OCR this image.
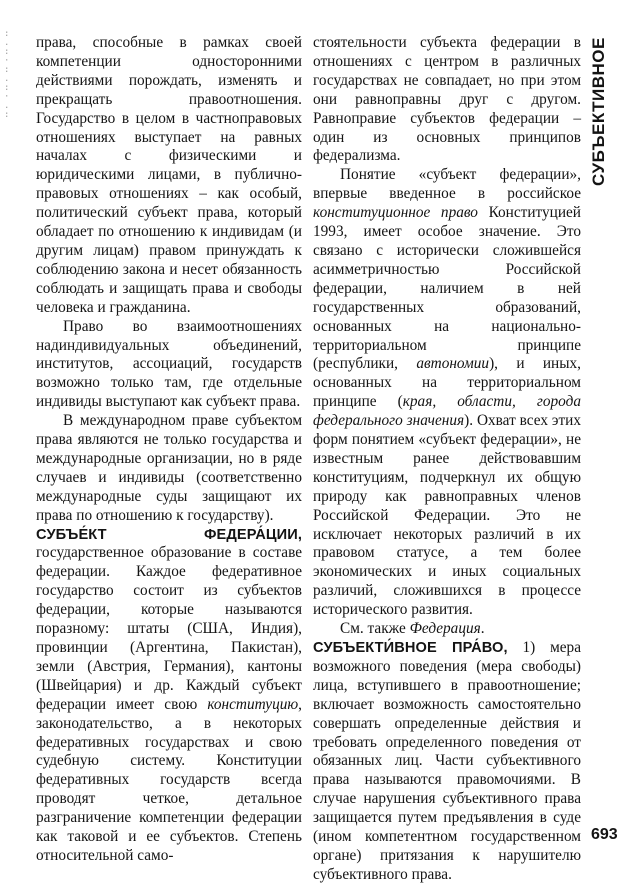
:
.
:
·
:
.
:
·
.
:

права, способные в рамках своей компетенции односторонними действиями порождать, изменять и прекращать правоотношения. Государство в целом в частноправовых отношениях выступает на равных началах с физическими и юридическими лицами, в публично-правовых отношениях – как особый, политический субъект права, который обладает по отношению к индивидам (и другим лицам) правом принуждать к соблюдению закона и несет обязанность соблюдать и защищать права и свободы человека и гражданина.

Право во взаимоотношениях надиндивидуальных объединений, институтов, ассоциаций, государств возможно только там, где отдельные индивиды выступают как субъект права.

В международном праве субъектом права являются не только государства и международные организации, но в ряде случаев и индивиды (соответственно международные суды защищают их права по отношению к государству).

СУБЪЕ́КТ ФЕДЕРА́ЦИИ, государственное образование в составе федерации. Каждое федеративное государство состоит из субъектов федерации, которые называются поразному: штаты (США, Индия), провинции (Аргентина, Пакистан), земли (Австрия, Германия), кантоны (Швейцария) и др. Каждый субъект федерации имеет свою конституцию, законодательство, а в некоторых федеративных государствах и свою судебную систему. Конституции федеративных государств всегда проводят четкое, детальное разграничение компетенции федерации как таковой и ее субъектов. Степень относительной само-

стоятельности субъекта федерации в отношениях с центром в различных государствах не совпадает, но при этом они равноправны друг с другом. Равноправие субъектов федерации – один из основных принципов федерализма.

Понятие «субъект федерации», впервые введенное в российское конституционное право Конституцией 1993, имеет особое значение. Это связано с исторически сложившейся асимметричностью Российской федерации, наличием в ней государственных образований, основанных на национально-территориальном принципе (республики, автономии), и иных, основанных на территориальном принципе (края, области, города федерального значения). Охват всех этих форм понятием «субъект федерации», не известным ранее действовавшим конституциям, подчеркнул их общую природу как равноправных членов Российской Федерации. Это не исключает некоторых различий в их правовом статусе, а тем более экономических и иных социальных различий, сложившихся в процессе исторического развития.

См. также Федерация.

СУБЪЕКТИ́ВНОЕ ПРА́ВО, 1) мера возможного поведения (мера свободы) лица, вступившего в правоотношение; включает возможность самостоятельно совершать определенные действия и требовать определенного поведения от обязанных лиц. Части субъективного права называются правомочиями. В случае нарушения субъективного права защищается путем предъявления в суде (ином компетентном государственном органе) притязания к нарушителю субъективного права.

СУБЪЕКТИВНОЕ
693
